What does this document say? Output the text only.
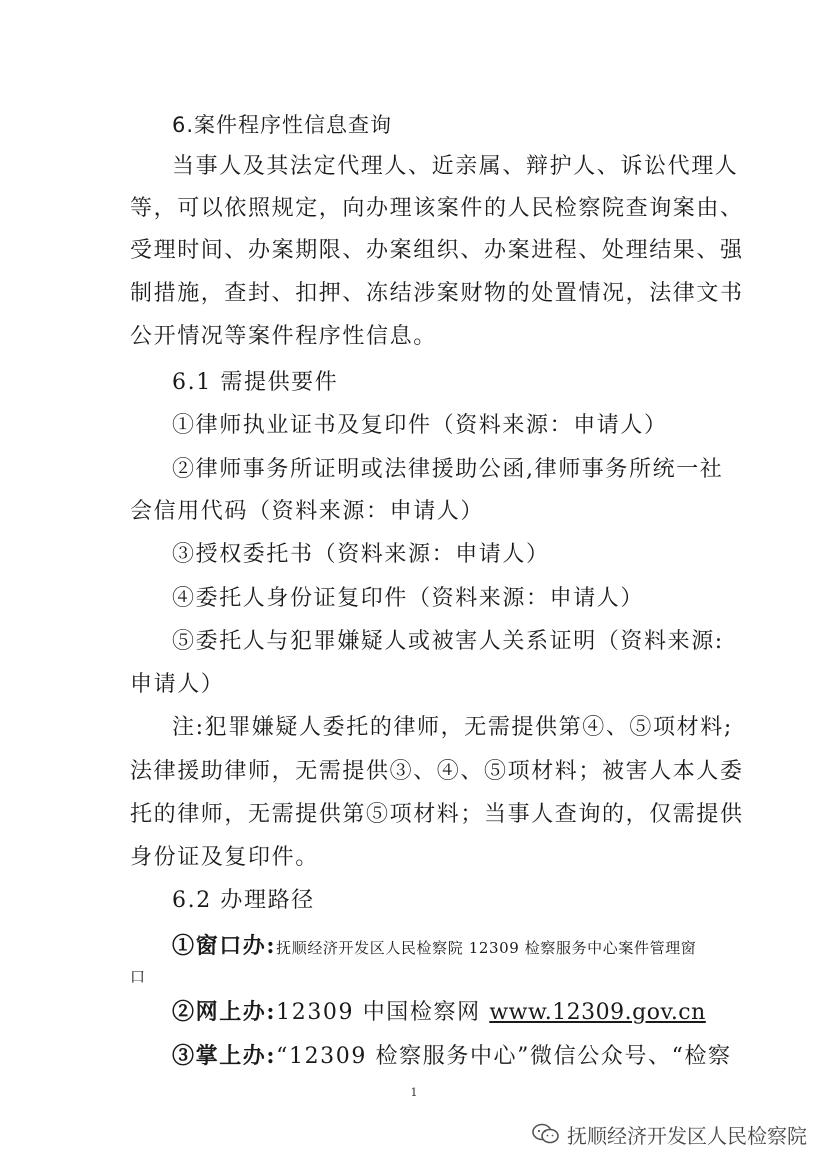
6.案件程序性信息查询
当事人及其法定代理人、近亲属、辩护人、诉讼代理人
等，可以依照规定，向办理该案件的人民检察院查询案由、
受理时间、办案期限、办案组织、办案进程、处理结果、强
制措施，查封、扣押、冻结涉案财物的处置情况，法律文书
公开情况等案件程序性信息。
6.1 需提供要件
①律师执业证书及复印件（资料来源：申请人）
②律师事务所证明或法律援助公函,律师事务所统一社
会信用代码（资料来源：申请人）
③授权委托书（资料来源：申请人）
④委托人身份证复印件（资料来源：申请人）
⑤委托人与犯罪嫌疑人或被害人关系证明（资料来源:
申请人）
注:犯罪嫌疑人委托的律师，无需提供第④、⑤项材料;
法律援助律师，无需提供③、④、⑤项材料；被害人本人委
托的律师，无需提供第⑤项材料；当事人查询的，仅需提供
身份证及复印件。
6.2 办理路径
①窗口办:抚顺经济开发区人民检察院 12309 检察服务中心案件管理窗
口
②网上办:12309 中国检察网 www.12309.gov.cn
③掌上办:“12309 检察服务中心”微信公众号、“检察
1
抚顺经济开发区人民检察院
